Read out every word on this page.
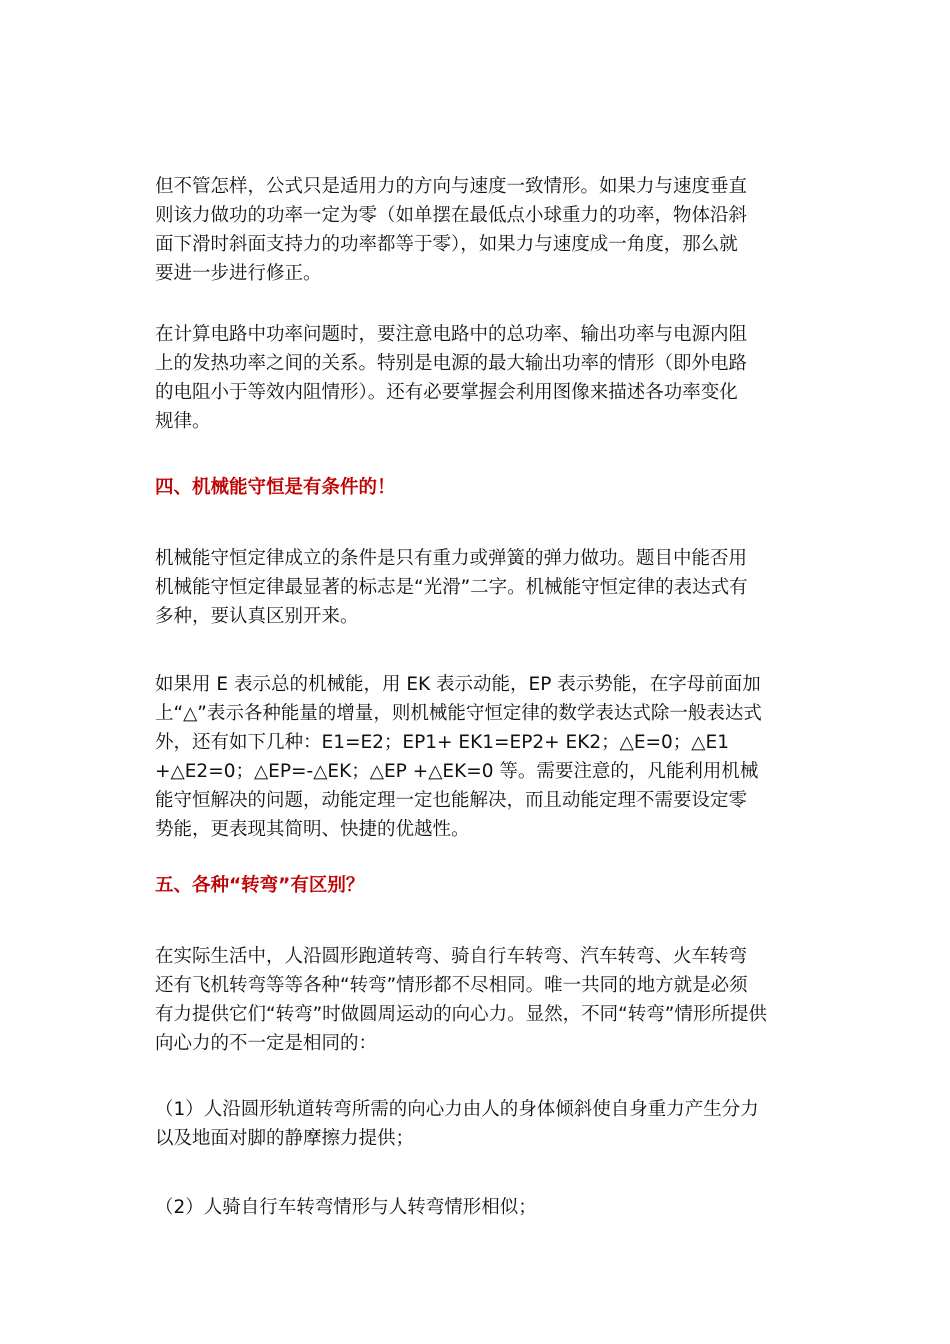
但不管怎样，公式只是适用力的方向与速度一致情形。如果力与速度垂直
则该力做功的功率一定为零（如单摆在最低点小球重力的功率，物体沿斜
面下滑时斜面支持力的功率都等于零），如果力与速度成一角度，那么就
要进一步进行修正。

在计算电路中功率问题时，要注意电路中的总功率、输出功率与电源内阻
上的发热功率之间的关系。特别是电源的最大输出功率的情形（即外电路
的电阻小于等效内阻情形）。还有必要掌握会利用图像来描述各功率变化
规律。

四、机械能守恒是有条件的！

机械能守恒定律成立的条件是只有重力或弹簧的弹力做功。题目中能否用
机械能守恒定律最显著的标志是“光滑”二字。机械能守恒定律的表达式有
多种，要认真区别开来。

如果用 E 表示总的机械能，用 EK 表示动能，EP 表示势能，在字母前面加
上“△”表示各种能量的增量，则机械能守恒定律的数学表达式除一般表达式
外，还有如下几种：E1=E2；EP1+ EK1=EP2+ EK2；△E=0；△E1
+△E2=0；△EP=-△EK；△EP +△EK=0 等。需要注意的，凡能利用机械
能守恒解决的问题，动能定理一定也能解决，而且动能定理不需要设定零
势能，更表现其简明、快捷的优越性。

五、各种“转弯”有区别？

在实际生活中，人沿圆形跑道转弯、骑自行车转弯、汽车转弯、火车转弯
还有飞机转弯等等各种“转弯”情形都不尽相同。唯一共同的地方就是必须
有力提供它们“转弯”时做圆周运动的向心力。显然，不同“转弯”情形所提供
向心力的不一定是相同的：

（1）人沿圆形轨道转弯所需的向心力由人的身体倾斜使自身重力产生分力
以及地面对脚的静摩擦力提供；

（2）人骑自行车转弯情形与人转弯情形相似；
